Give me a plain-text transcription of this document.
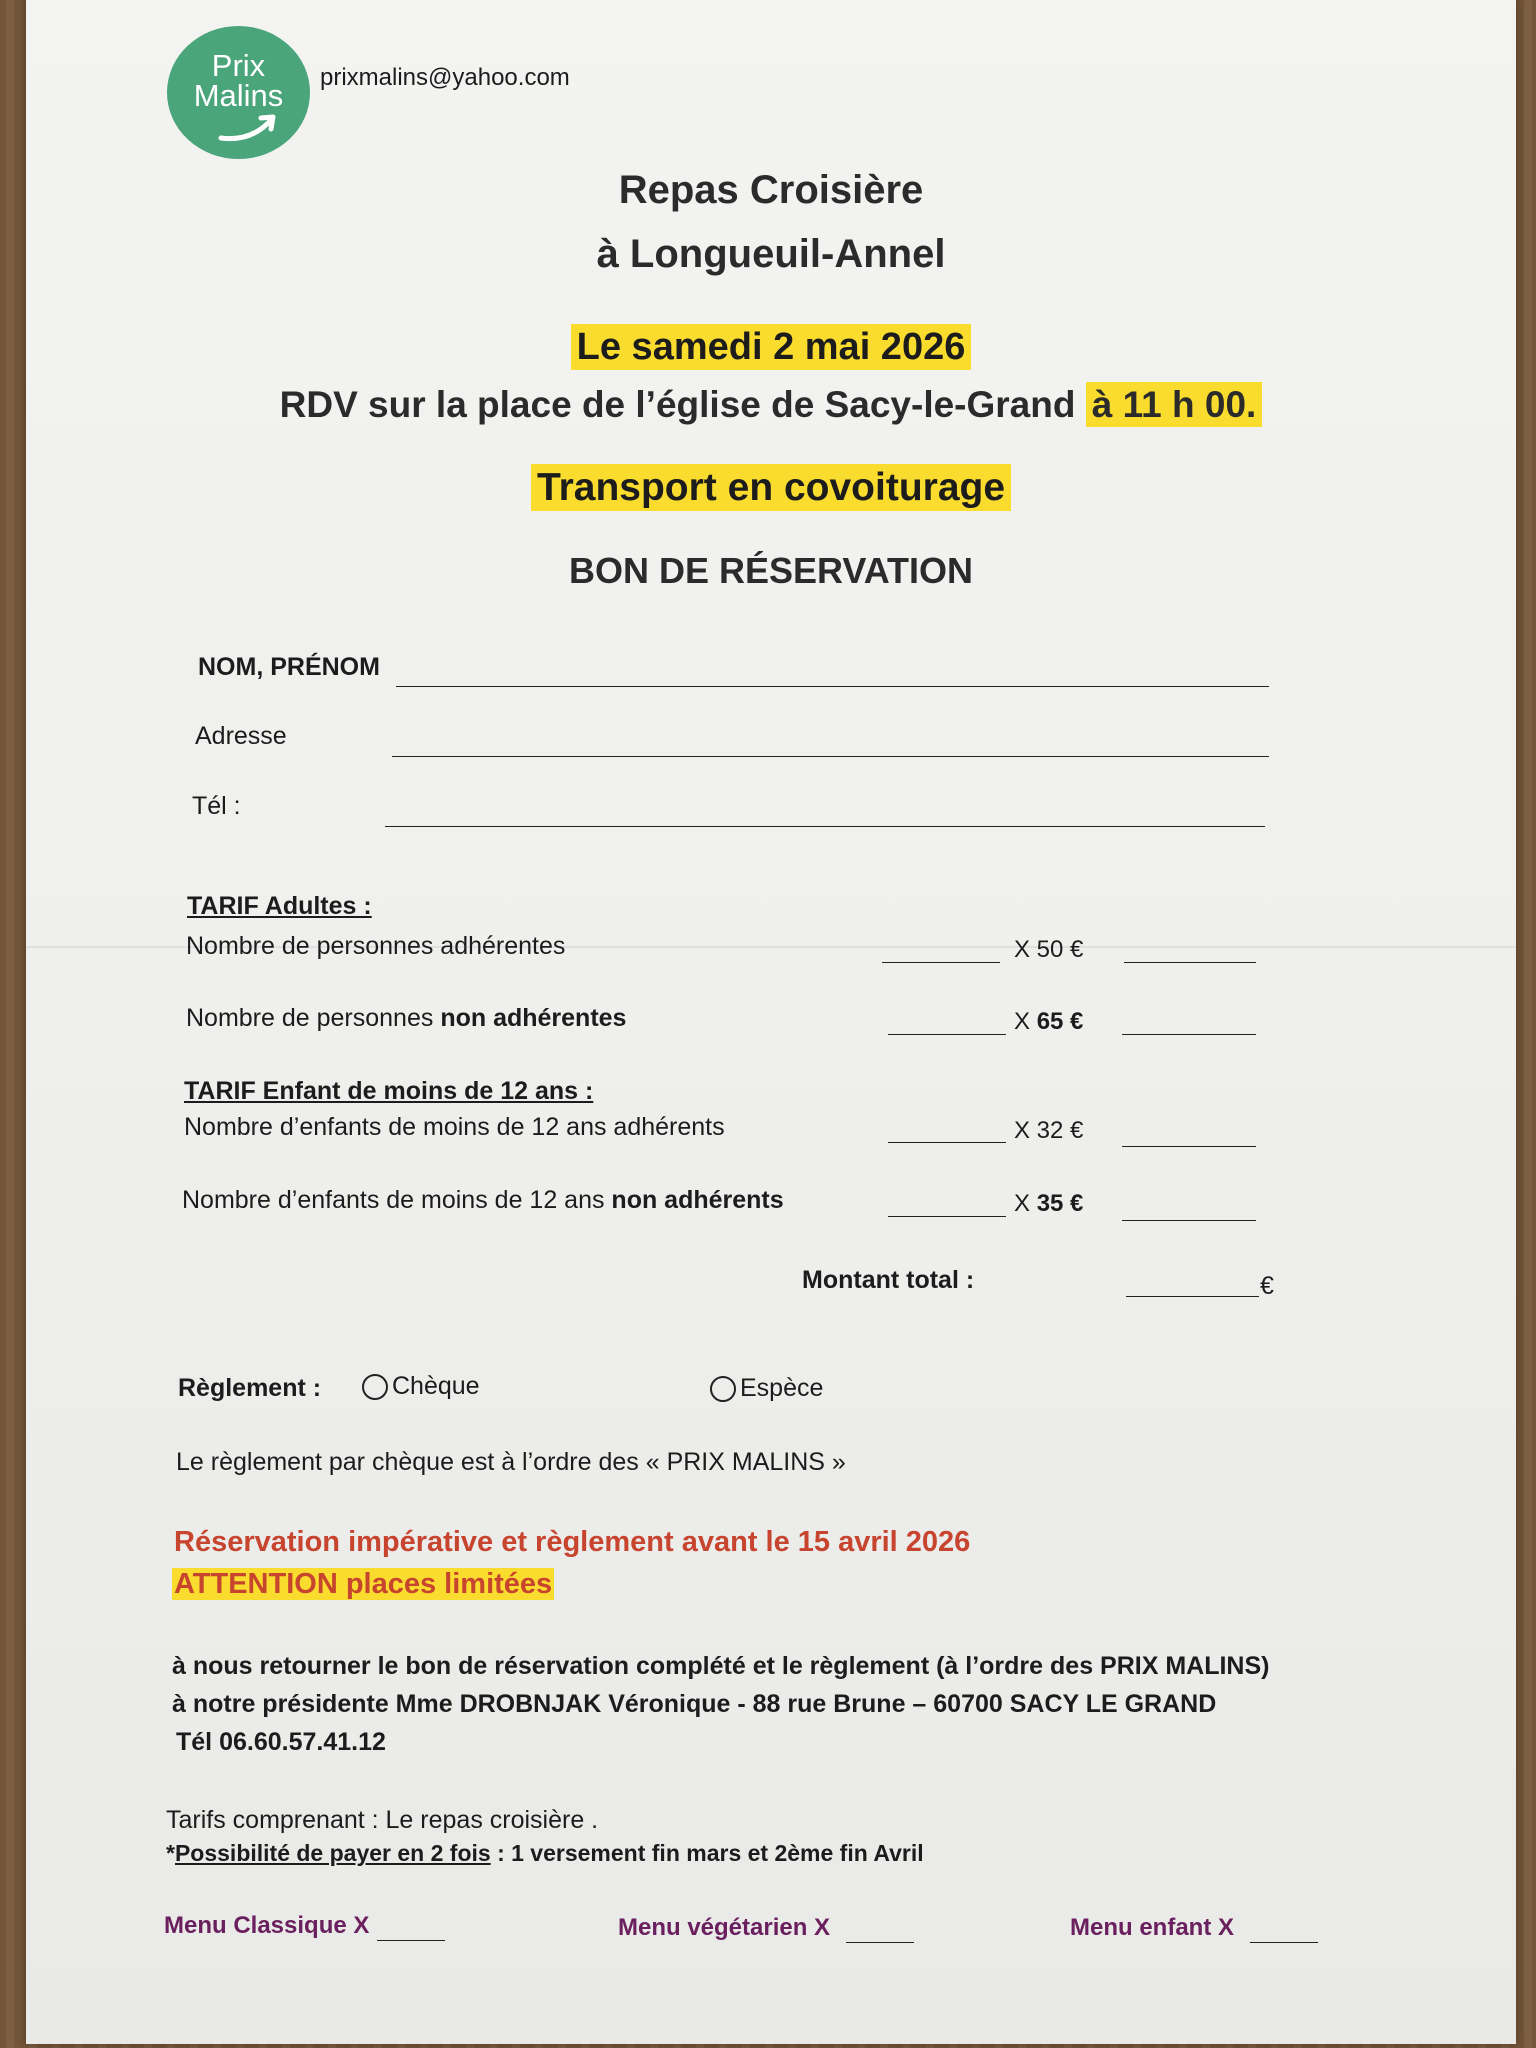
Prix
Malins
prixmalins@yahoo.com
Repas Croisière
à Longueuil-Annel
Le samedi 2 mai 2026
RDV sur la place de l’église de Sacy-le-Grand à 11 h 00.
Transport en covoiturage
BON DE RÉSERVATION
NOM, PRÉNOM
Adresse
Tél :
TARIF Adultes :
Nombre de personnes adhérentes	X 50 €
Nombre de personnes non adhérentes	X 65 €
TARIF Enfant de moins de 12 ans :
Nombre d’enfants de moins de 12 ans adhérents	X 32 €
Nombre d’enfants de moins de 12 ans non adhérents	X 35 €
Montant total :	€
Règlement :	Chèque	Espèce
Le règlement par chèque est à l’ordre des « PRIX MALINS »
Réservation impérative et règlement avant le 15 avril 2026
ATTENTION places limitées
à nous retourner le bon de réservation complété et le règlement (à l’ordre des PRIX MALINS)
à notre présidente Mme DROBNJAK Véronique - 88 rue Brune – 60700 SACY LE GRAND
Tél 06.60.57.41.12
Tarifs comprenant : Le repas croisière .
*Possibilité de payer en 2 fois : 1 versement fin mars et 2ème fin Avril
Menu Classique X	Menu végétarien X	Menu enfant X
